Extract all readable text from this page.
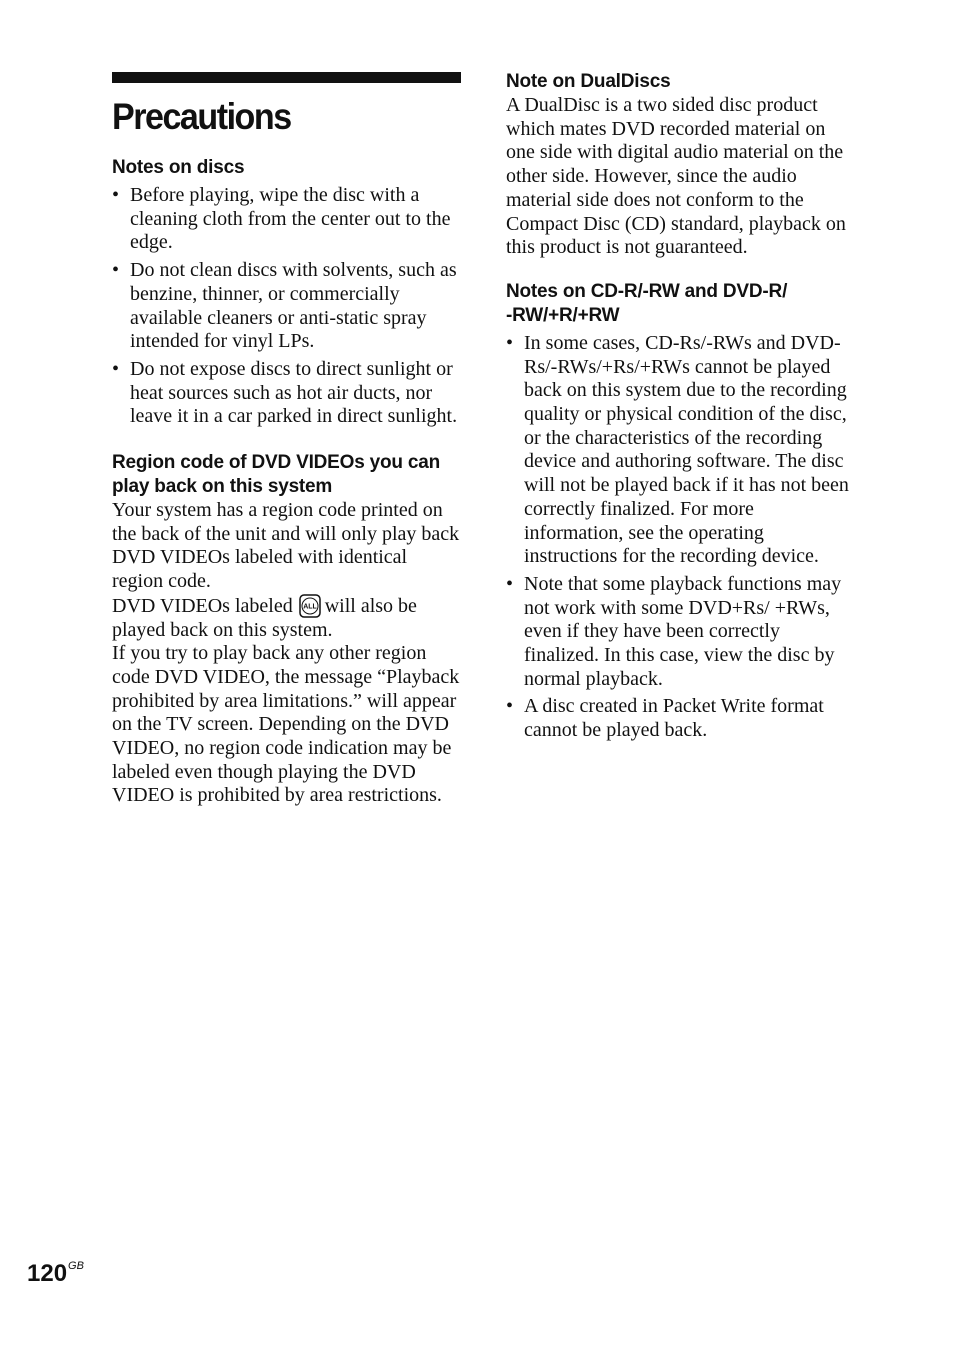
Precautions
Notes on discs
• Before playing, wipe the disc with a cleaning cloth from the center out to the edge.
• Do not clean discs with solvents, such as benzine, thinner, or commercially available cleaners or anti-static spray intended for vinyl LPs.
• Do not expose discs to direct sunlight or heat sources such as hot air ducts, nor leave it in a car parked in direct sunlight.
Region code of DVD VIDEOs you can play back on this system

Your system has a region code printed on the back of the unit and will only play back DVD VIDEOs labeled with identical region code.

DVD VIDEOs labeled ALL will also be played back on this system.

If you try to play back any other region code DVD VIDEO, the message “Playback prohibited by area limitations.” will appear on the TV screen. Depending on the DVD VIDEO, no region code indication may be labeled even though playing the DVD VIDEO is prohibited by area restrictions.

Note on DualDiscs

A DualDisc is a two sided disc product which mates DVD recorded material on one side with digital audio material on the other side. However, since the audio material side does not conform to the Compact Disc (CD) standard, playback on this product is not guaranteed.

Notes on CD-R/-RW and DVD-R/
-RW/+R/+RW
• In some cases, CD-Rs/-RWs and DVD-Rs/-RWs/+Rs/+RWs cannot be played back on this system due to the recording quality or physical condition of the disc, or the characteristics of the recording device and authoring software. The disc will not be played back if it has not been correctly finalized. For more information, see the operating instructions for the recording device.
• Note that some playback functions may not work with some DVD+Rs/ +RWs, even if they have been correctly finalized. In this case, view the disc by normal playback.
• A disc created in Packet Write format cannot be played back.
$120^{GB}$
